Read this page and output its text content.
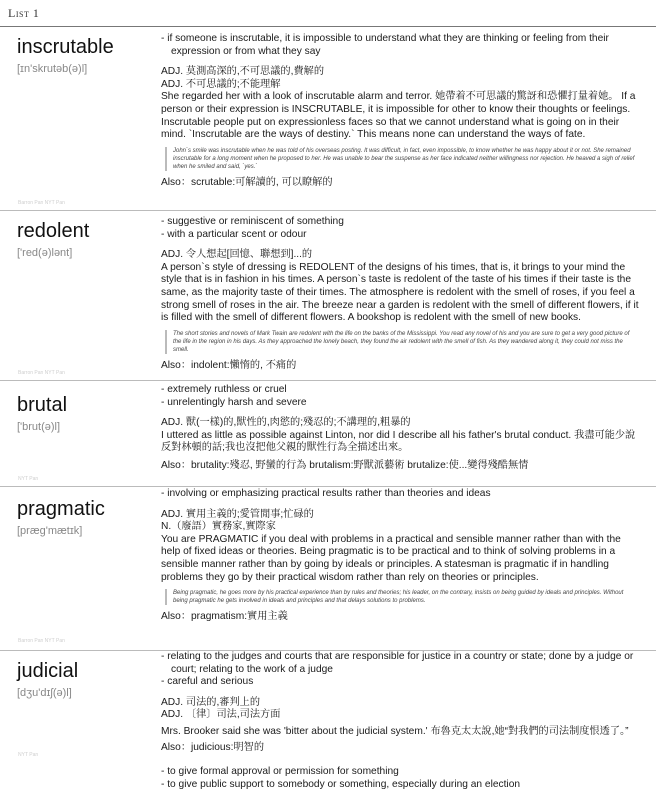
List 1
inscrutable
[ɪn'skrutəb(ə)l]
Barron Pan NYT Pan
- if someone is inscrutable, it is impossible to understand what they are thinking or feeling from their expression or from what they say
ADJ. 莫測高深的,不可思議的,費解的
ADJ. 不可思議的;不能理解
She regarded her with a look of inscrutable alarm and terror. 她帶着不可思議的驚訝和恐懼打量着她。 If a person or their expression is INSCRUTABLE, it is impossible for other to know their thoughts or feelings. Inscrutable people put on expressionless faces so that we cannot understand what is going on in their mind. `Inscrutable are the ways of destiny.` This means none can understand the ways of fate.
John`s smile was inscrutable when he was told of his overseas posting. It was difficult, in fact, even impossible, to know whether he was happy about it or not. She remained inscrutable for a long moment when he proposed to her. He was unable to bear the suspense as her face indicated neither willingness nor rejection. He heaved a sigh of relief when he smiled and said, `yes.`
Also：scrutable:可解讀的, 可以瞭解的
redolent
['red(ə)lənt]
Barron Pan NYT Pan
- suggestive or reminiscent of something
- with a particular scent or odour
ADJ. 令人想起[回憶、聯想到]...的
A person`s style of dressing is REDOLENT of the designs of his times, that is, it brings to your mind the style that is in fashion in his times. A person`s taste is redolent of the taste of his times if their taste is the same, as the majority taste of their times. The atmosphere is redolent with the smell of roses, if you feel a strong smell of roses in the air. The breeze near a garden is redolent with the smell of different flowers, if it is filled with the smell of different flowers. A bookshop is redolent with the smell of new books.
The short stories and novels of Mark Twain are redolent with the life on the banks of the Mississippi. You read any novel of his and you are sure to get a very good picture of the life in the region in his days. As they approached the lonely beach, they found the air redolent with the smell of fish. As they wandered along it, they could not miss the smell.
Also：indolent:懶惰的, 不痛的
brutal
['brut(ə)l]
NYT Pan
- extremely ruthless or cruel
- unrelentingly harsh and severe
ADJ. 獸(一樣)的,獸性的,肉慾的;殘忍的;不講理的,粗暴的
I uttered as little as possible against Linton, nor did I describe all his father's brutal conduct. 我盡可能少說反對林頓的話;我也沒把他父親的獸性行為全描述出來。
Also：brutality:殘忍, 野蠻的行為 brutalism:野獸派藝術 brutalize:使...變得殘酷無情
pragmatic
[præg'mætɪk]
Barron Pan NYT Pan
- involving or emphasizing practical results rather than theories and ideas
ADJ. 實用主義的;愛管閒事;忙碌的
N.（廢語）實務家,實際家
You are PRAGMATIC if you deal with problems in a practical and sensible manner rather than with the help of fixed ideas or theories. Being pragmatic is to be practical and to think of solving problems in a sensible manner rather than by going by ideals or principles. A statesman is pragmatic if in handling problems they go by their practical wisdom rather than rely on theories or principles.
Being pragmatic, he goes more by his practical experience than by rules and theories; his leader, on the contrary, insists on being guided by ideals and principles. Without being pragmatic he gets involved in ideals and principles and that delays solutions to problems.
Also：pragmatism:實用主義
judicial
[dʒu'dɪʃ(ə)l]
NYT Pan
- relating to the judges and courts that are responsible for justice in a country or state; done by a judge or court; relating to the work of a judge
- careful and serious
ADJ. 司法的,審判上的
ADJ. 〔律〕司法,司法方面
Mrs. Brooker said she was 'bitter about the judicial system.' 布魯克太太說,她“對我們的司法制度恨透了。”
Also：judicious:明智的
- to give formal approval or permission for something
- to give public support to somebody or something, especially during an election
